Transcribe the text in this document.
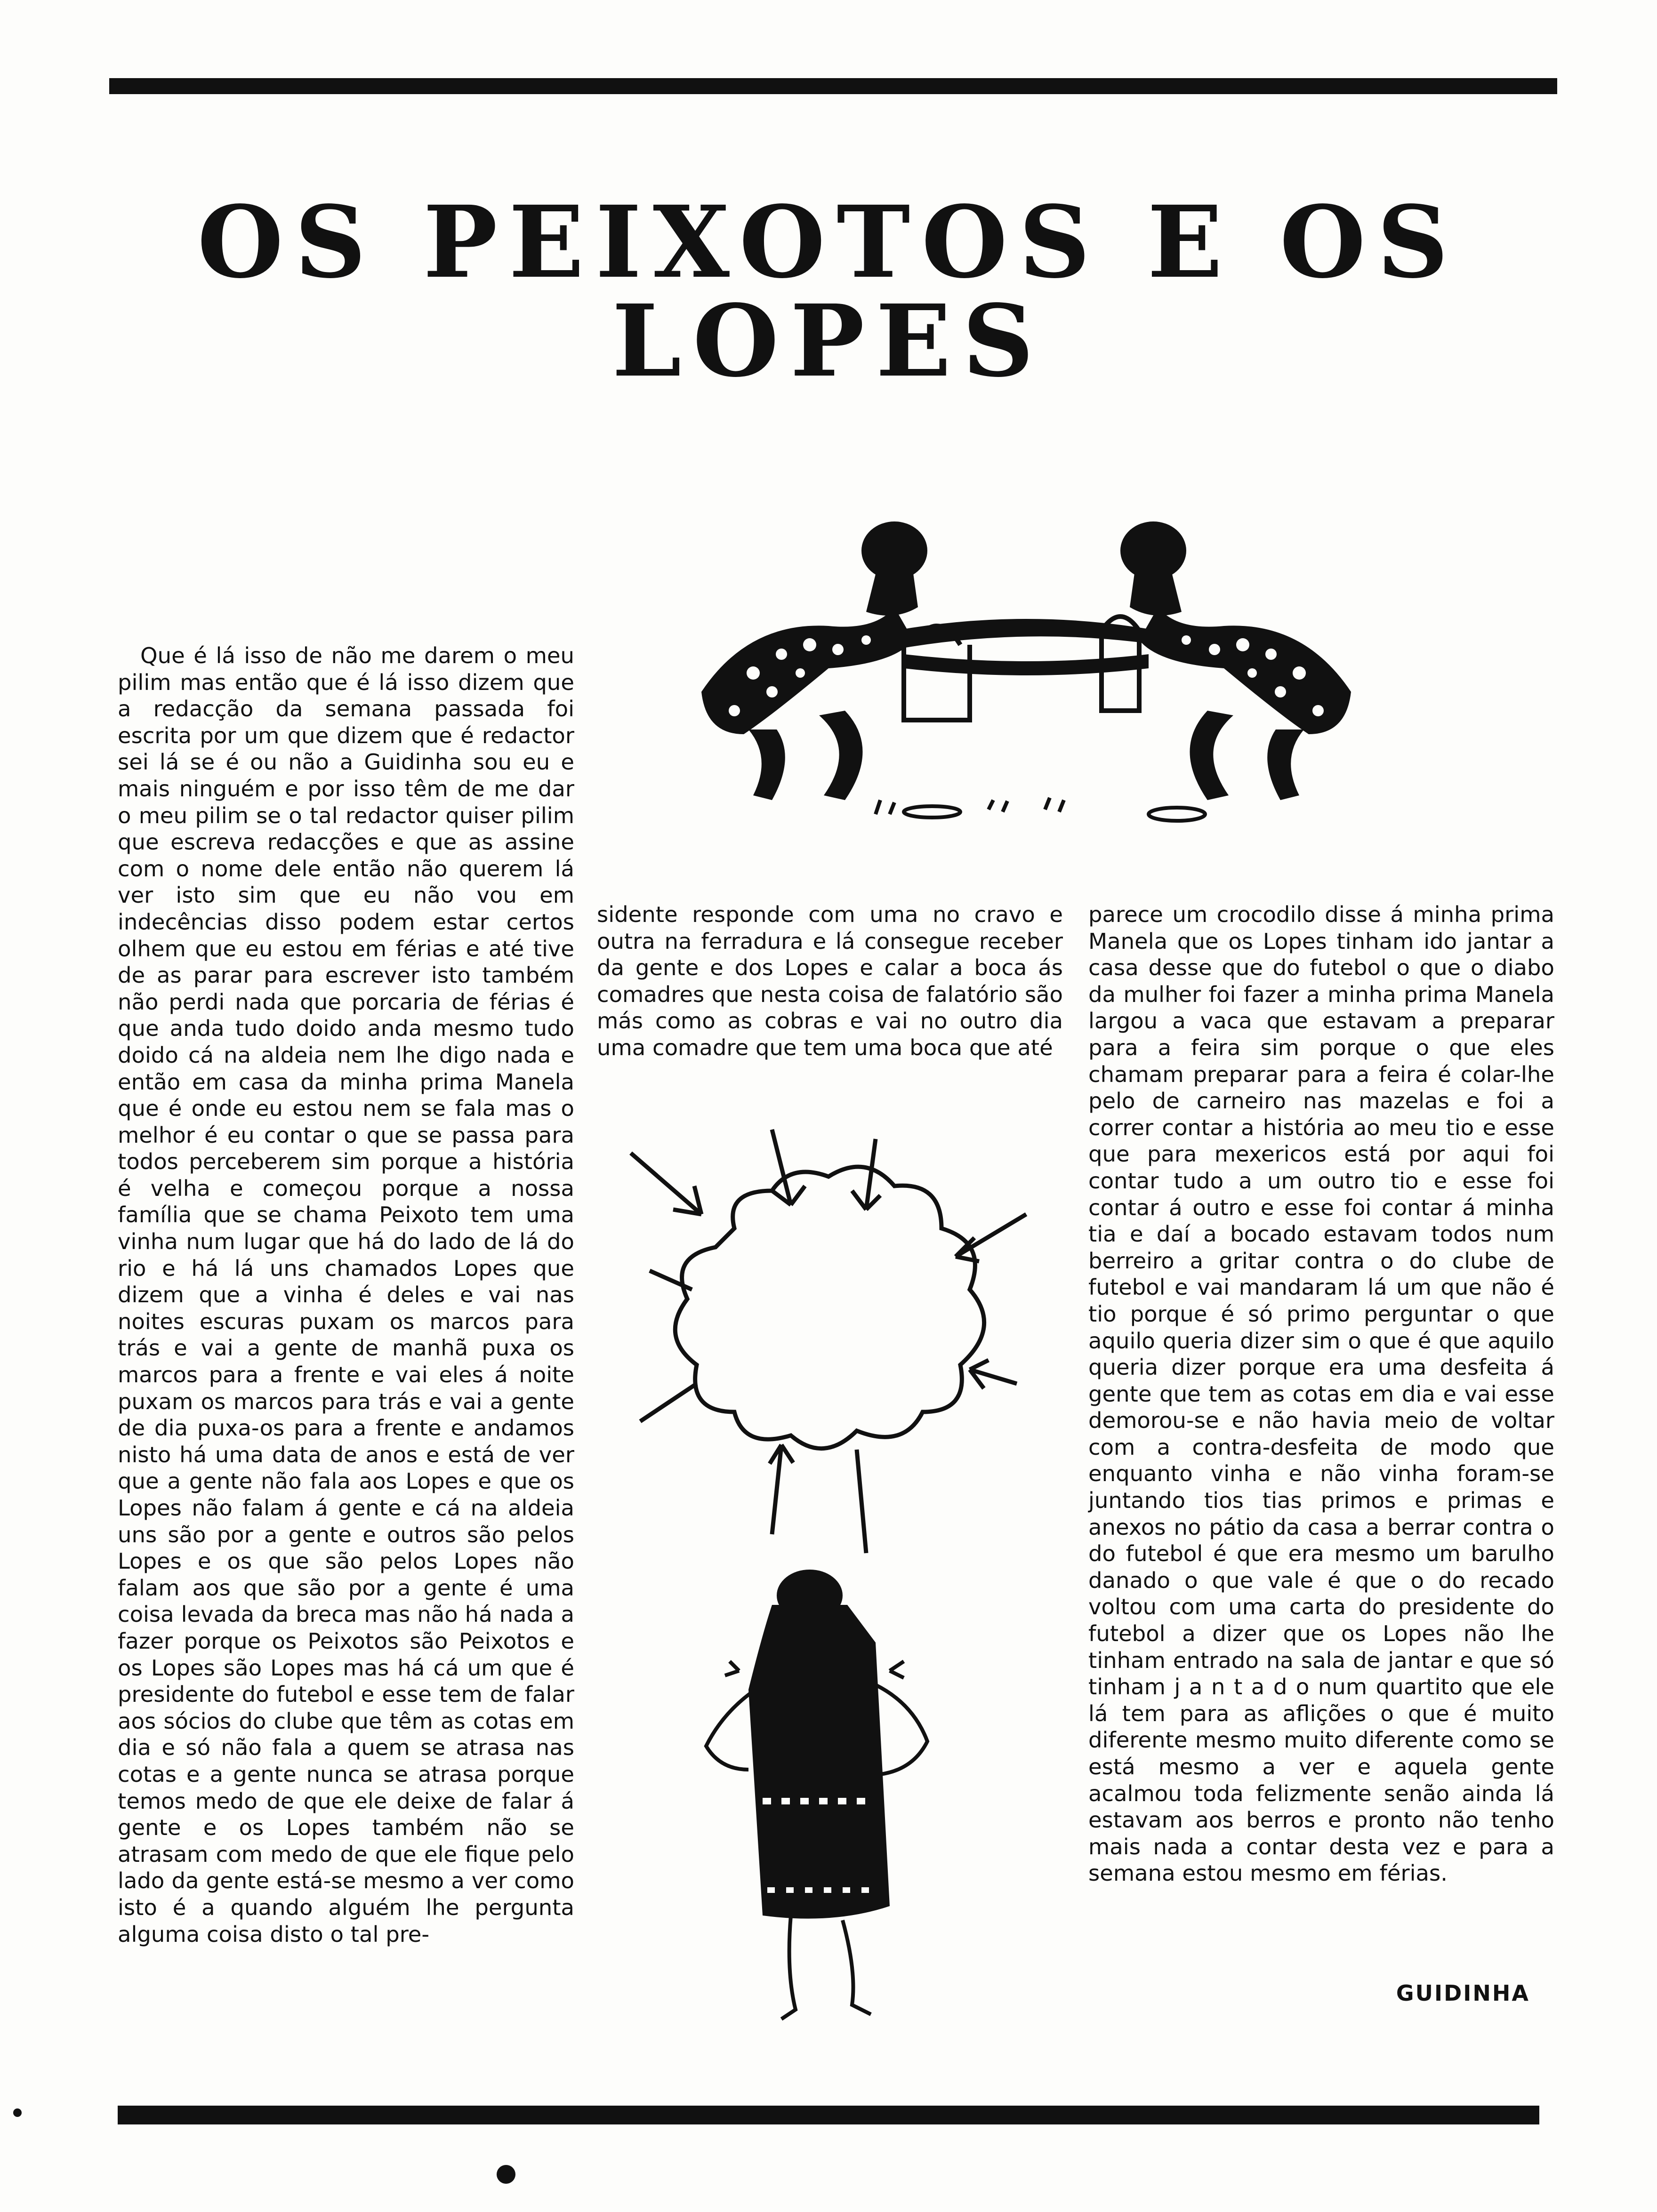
OS PEIXOTOS E OS LOPES

Que é lá isso de não me darem o meu pilim mas então que é lá isso dizem que a redacção da semana passada foi escrita por um que dizem que é redactor sei lá se é ou não a Guidinha sou eu e mais ninguém e por isso têm de me dar o meu pilim se o tal redactor quiser pilim que escreva redacções e que as assine com o nome dele então não querem lá ver isto sim que eu não vou em indecências disso podem estar certos olhem que eu estou em férias e até tive de as parar para escrever isto também não perdi nada que porcaria de férias é que anda tudo doido anda mesmo tudo doido cá na aldeia nem lhe digo nada e então em casa da minha prima Manela que é onde eu estou nem se fala mas o melhor é eu contar o que se passa para todos perceberem sim porque a história é velha e começou porque a nossa família que se chama Peixoto tem uma vinha num lugar que há do lado de lá do rio e há lá uns chamados Lopes que dizem que a vinha é deles e vai nas noites escuras puxam os marcos para trás e vai a gente de manhã puxa os marcos para a frente e vai eles á noite puxam os marcos para trás e vai a gente de dia puxa-os para a frente e andamos nisto há uma data de anos e está de ver que a gente não fala aos Lopes e que os Lopes não falam á gente e cá na aldeia uns são por a gente e outros são pelos Lopes e os que são pelos Lopes não falam aos que são por a gente é uma coisa levada da breca mas não há nada a fazer porque os Peixotos são Peixotos e os Lopes são Lopes mas há cá um que é presidente do futebol e esse tem de falar aos sócios do clube que têm as cotas em dia e só não fala a quem se atrasa nas cotas e a gente nunca se atrasa porque temos medo de que ele deixe de falar á gente e os Lopes também não se atrasam com medo de que ele fique pelo lado da gente está-se mesmo a ver como isto é a quando alguém lhe pergunta alguma coisa disto o tal pre-

sidente responde com uma no cravo e outra na ferradura e lá consegue receber da gente e dos Lopes e calar a boca ás comadres que nesta coisa de falatório são más como as cobras e vai no outro dia uma comadre que tem uma boca que até

parece um crocodilo disse á minha prima Manela que os Lopes tinham ido jantar a casa desse que do futebol o que o diabo da mulher foi fazer a minha prima Manela largou a vaca que estavam a preparar para a feira sim porque o que eles chamam preparar para a feira é colar-lhe pelo de carneiro nas mazelas e foi a correr contar a história ao meu tio e esse que para mexericos está por aqui foi contar tudo a um outro tio e esse foi contar á outro e esse foi contar á minha tia e daí a bocado estavam todos num berreiro a gritar contra o do clube de futebol e vai mandaram lá um que não é tio porque é só primo perguntar o que aquilo queria dizer sim o que é que aquilo queria dizer porque era uma desfeita á gente que tem as cotas em dia e vai esse demorou-se e não havia meio de voltar com a contra-desfeita de modo que enquanto vinha e não vinha foram-se juntando tios tias primos e primas e anexos no pátio da casa a berrar contra o do futebol é que era mesmo um barulho danado o que vale é que o do recado voltou com uma carta do presidente do futebol a dizer que os Lopes não lhe tinham entrado na sala de jantar e que só tinham j a n t a d o num quartito que ele lá tem para as aflições o que é muito diferente mesmo muito diferente como se está mesmo a ver e aquela gente acalmou toda felizmente senão ainda lá estavam aos berros e pronto não tenho mais nada a contar desta vez e para a semana estou mesmo em férias.

GUIDINHA
